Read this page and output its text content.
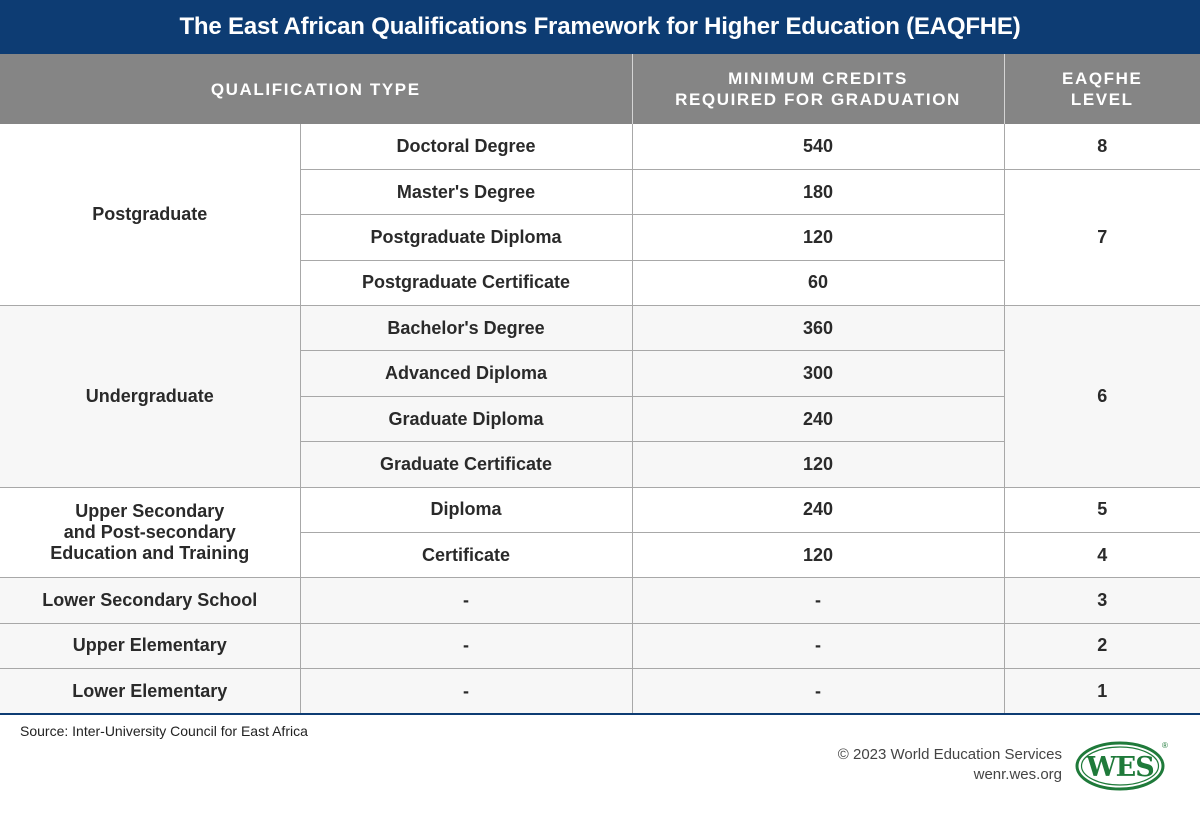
The East African Qualifications Framework for Higher Education (EAQFHE)
QUALIFICATION TYPE		MINIMUM CREDITS
REQUIRED FOR GRADUATION	EAQFHE
LEVEL
Postgraduate	Doctoral Degree	540	8
	Master's Degree	180	7
	Postgraduate Diploma	120	
	Postgraduate Certificate	60	
Undergraduate	Bachelor's Degree	360	6
	Advanced Diploma	300	
	Graduate Diploma	240	
	Graduate Certificate	120	
Upper Secondary
and Post-secondary
Education and Training	Diploma	240	5
	Certificate	120	4
Lower Secondary School	-	-	3
Upper Elementary	-	-	2
Lower Elementary	-	-	1
Source: Inter-University Council for East Africa
© 2023 World Education Services
wenr.wes.org WES
®
